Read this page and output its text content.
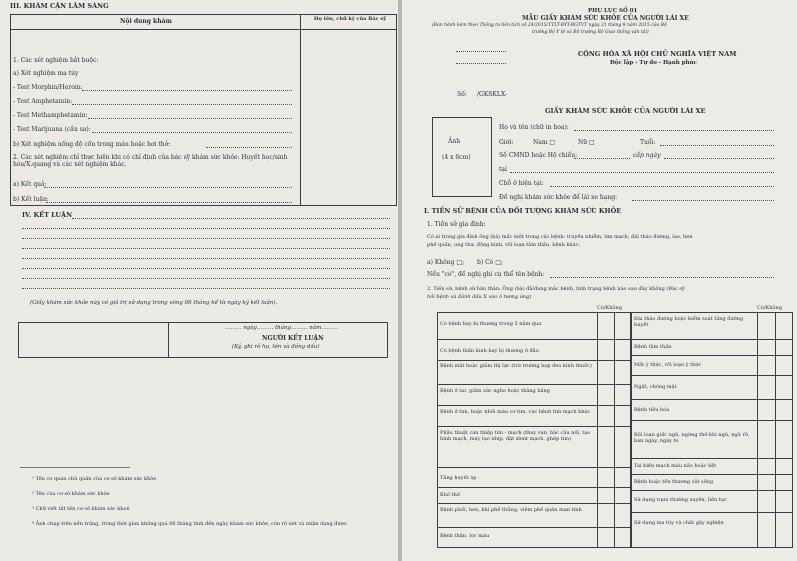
III. KHÁM CẬN LÂM SÀNG
Nội dung khám	Họ tên, chữ ký của Bác sỹ
1. Các xét nghiệm bắt buộc:
a) Xét nghiệm ma túy
- Test Morphin/Heroin:
- Test Amphetamin:
- Test Methamphetamin:
- Test Marijuana (cần sa):
b) Xét nghiệm nồng độ cồn trong máu hoặc hơi thở:
2. Các xét nghiệm chỉ thực hiện khi có chỉ định của bác sỹ khám sức khỏe: Huyết học/sinh hóa/X.quang và các xét nghiệm khác.
a) Kết quả:
b) Kết luận:
IV. KẾT LUẬN
(Giấy khám sức khỏe này có giá trị sử dụng trong vòng 06 tháng kể từ ngày ký kết luận).
……… ngày……… tháng……… năm………
NGƯỜI KẾT LUẬN
(Ký, ghi rõ họ, tên và đóng dấu)
¹ Tên cơ quan chủ quản của cơ sở khám sức khỏe
² Tên của cơ sở khám sức khỏe
³ Chữ viết tắt tên cơ sở khám sức khoẻ
⁴ Ảnh chụp trên nền trắng, trong thời gian không quá 06 tháng tính đến ngày khám sức khỏe, còn rõ nét và nhận dạng được.
PHỤ LỤC SỐ 01
MẪU GIẤY KHÁM SỨC KHỎE CỦA NGƯỜI LÁI XE
(Ban hành kèm theo Thông tư liên tịch số 24/2015/TTLT-BYT-BGTVT ngày 21 tháng 8 năm 2015 của Bộ
trưởng Bộ Y tế và Bộ trưởng Bộ Giao thông vận tải)
CỘNG HÒA XÃ HỘI CHỦ NGHĨA VIỆT NAM
Độc lập - Tự do - Hạnh phúc
Số: /GKSKLX-
GIẤY KHÁM SỨC KHỎE CỦA NGƯỜI LÁI XE
Ảnh
(4 x 6cm)
Họ và tên (chữ in hoa):
Giới:	Nam □	Nữ □	Tuổi:
Số CMND hoặc Hộ chiếu:	cấp ngày
tại
Chỗ ở hiện tại:
Đề nghị khám sức khỏe để lái xe hạng:
I. TIỀN SỬ BỆNH CỦA ĐỐI TƯỢNG KHÁM SỨC KHỎE
1. Tiền sử gia đình:
Có ai trong gia đình ông (bà) mắc một trong các bệnh: truyền nhiễm, tim mạch, đái tháo đường, lao, hen
phế quản, ung thư, động kinh, rối loạn tâm thần, bệnh khác:
a) Không □; b) Có □;
Nếu "có", đề nghị ghi cụ thể tên bệnh:
2. Tiền sử, bệnh sử bản thân: Ông (bà) đã/đang mắc bệnh, tình trạng bệnh nào sau đây không (Bác sỹ
hỏi bệnh và đánh dấu X vào ô tương ứng)
Có/Không
Có bệnh hay bị thương trong 5 năm qua
Có bệnh thần kinh hay bị thương ở đầu
Bệnh mắt hoặc giảm thị lực (trừ trường hợp đeo kính thuốc)
Bệnh ở tai, giảm sức nghe hoặc thăng bằng
Bệnh ở tim, hoặc nhồi máu cơ tim, các bệnh tim mạch khác
Phẫu thuật can thiệp tim - mạch (thay van, bắc cầu nối, tạo hình mạch, máy tạo nhịp, đặt slent mạch, ghép tim)
Tăng huyết áp
Khó thở
Bệnh phổi, hen, khí phế thũng, viêm phế quản mạn tính
Bệnh thận, lọc máu
Có/Không
Đái tháo đường hoặc kiểm soát tăng đường huyết
Bệnh tâm thần
Mất ý thức, rối loạn ý thức
Ngất, chóng mặt
Bệnh tiêu hóa
Rối loạn giấc ngủ, ngừng thở khi ngủ, ngủ rũ ban ngày, ngáy to
Tai biến mạch máu não hoặc liệt
Bệnh hoặc tổn thương cột sống
Sử dụng rượu thường xuyên, liên tục
Sử dụng ma túy và chất gây nghiện
